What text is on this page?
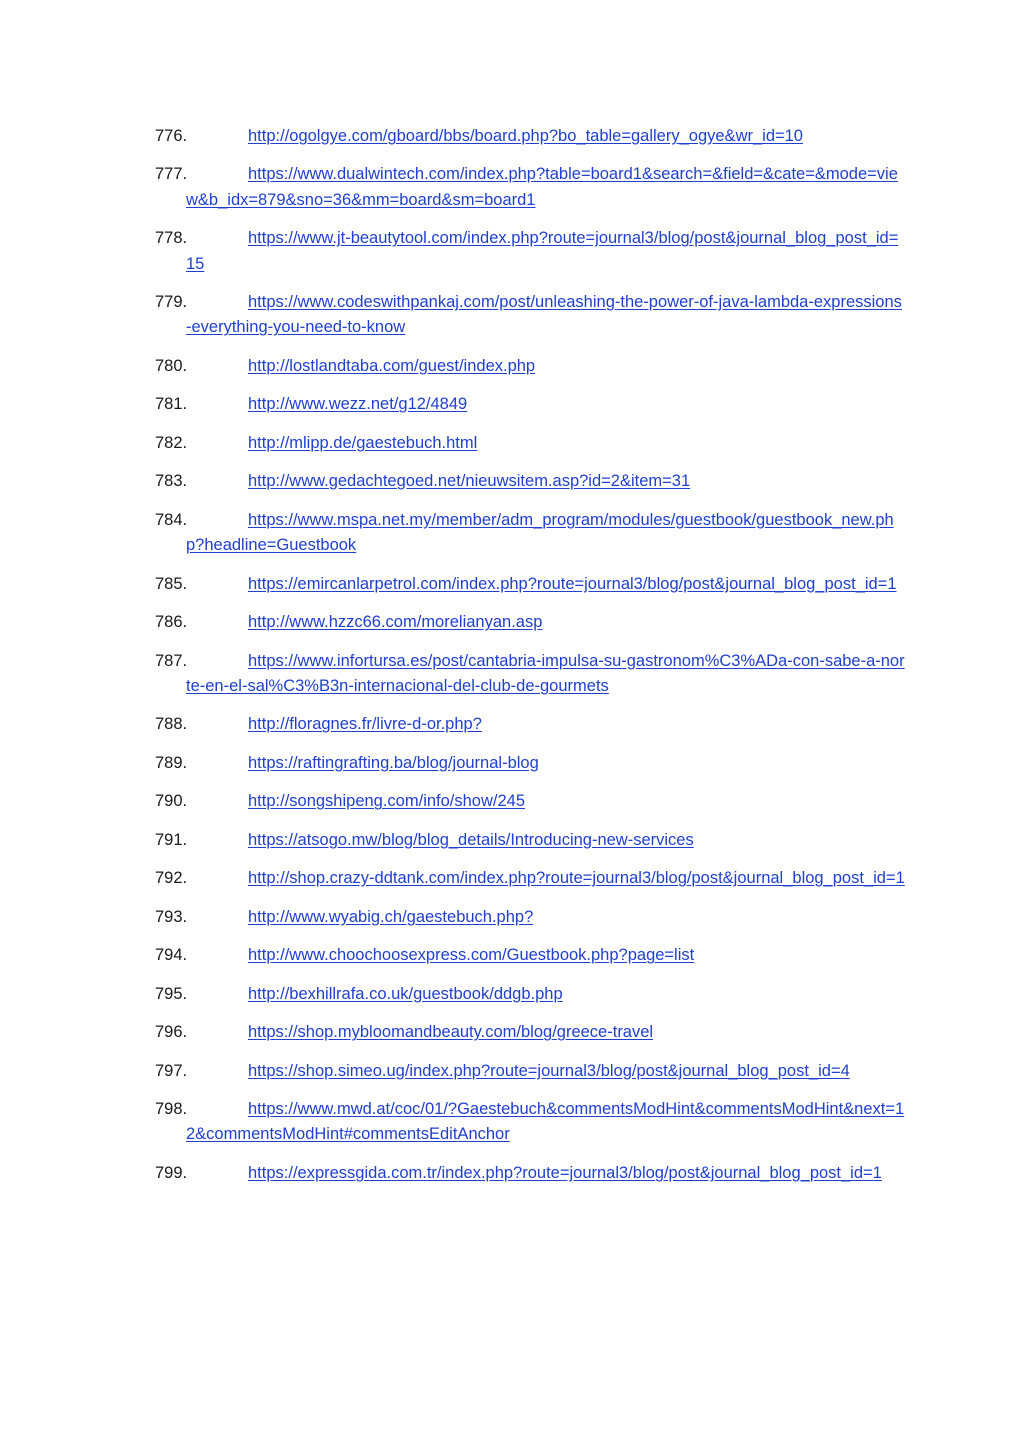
776.	http://ogolgye.com/gboard/bbs/board.php?bo_table=gallery_ogye&wr_id=10
777.	https://www.dualwintech.com/index.php?table=board1&search=&field=&cate=&mode=view&b_idx=879&sno=36&mm=board&sm=board1
778.	https://www.jt-beautytool.com/index.php?route=journal3/blog/post&journal_blog_post_id=15
779.	https://www.codeswithpankaj.com/post/unleashing-the-power-of-java-lambda-expressions-everything-you-need-to-know
780.	http://lostlandtaba.com/guest/index.php
781.	http://www.wezz.net/g12/4849
782.	http://mlipp.de/gaestebuch.html
783.	http://www.gedachtegoed.net/nieuwsitem.asp?id=2&item=31
784.	https://www.mspa.net.my/member/adm_program/modules/guestbook/guestbook_new.php?headline=Guestbook
785.	https://emircanlarpetrol.com/index.php?route=journal3/blog/post&journal_blog_post_id=1
786.	http://www.hzzc66.com/morelianyan.asp
787.	https://www.infortursa.es/post/cantabria-impulsa-su-gastronom%C3%ADa-con-sabe-a-norte-en-el-sal%C3%B3n-internacional-del-club-de-gourmets
788.	http://floragnes.fr/livre-d-or.php?
789.	https://raftingrafting.ba/blog/journal-blog
790.	http://songshipeng.com/info/show/245
791.	https://atsogo.mw/blog/blog_details/Introducing-new-services
792.	http://shop.crazy-ddtank.com/index.php?route=journal3/blog/post&journal_blog_post_id=1
793.	http://www.wyabig.ch/gaestebuch.php?
794.	http://www.choochoosexpress.com/Guestbook.php?page=list
795.	http://bexhillrafa.co.uk/guestbook/ddgb.php
796.	https://shop.mybloomandbeauty.com/blog/greece-travel
797.	https://shop.simeo.ug/index.php?route=journal3/blog/post&journal_blog_post_id=4
798.	https://www.mwd.at/coc/01/?Gaestebuch&commentsModHint&commentsModHint&next=12&commentsModHint#commentsEditAnchor
799.	https://expressgida.com.tr/index.php?route=journal3/blog/post&journal_blog_post_id=1
